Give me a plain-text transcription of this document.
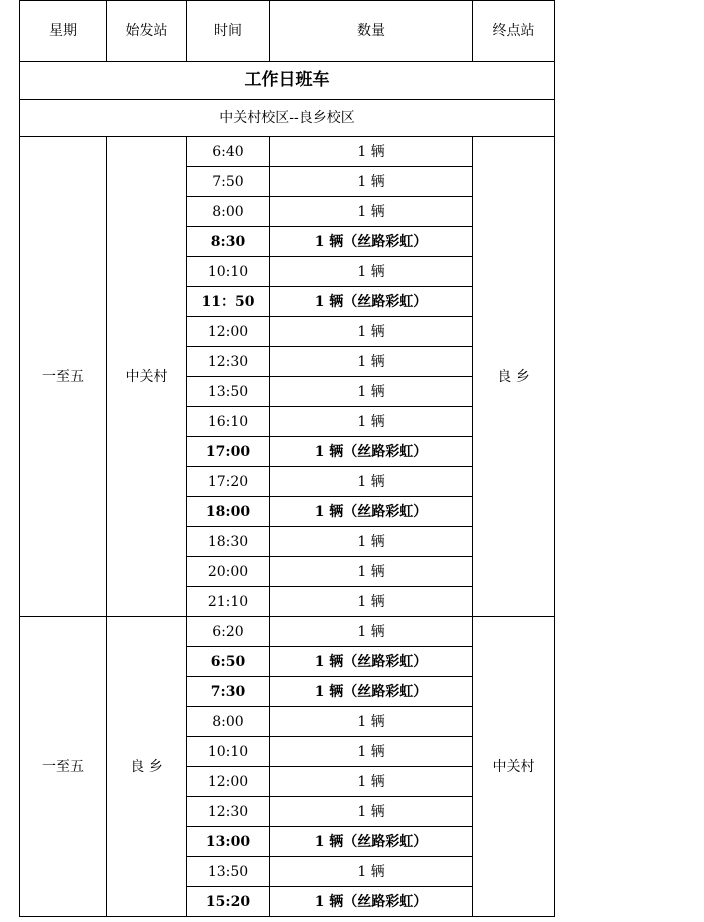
星期	始发站	时间	数量	终点站
工作日班车				
中关村校区--良乡校区				
一至五	中关村	6:40	1 辆	良 乡
		7:50	1 辆	
		8:00	1 辆	
		8:30	1 辆（丝路彩虹）	
		10:10	1 辆	
		11：50	1 辆（丝路彩虹）	
		12:00	1 辆	
		12:30	1 辆	
		13:50	1 辆	
		16:10	1 辆	
		17:00	1 辆（丝路彩虹）	
		17:20	1 辆	
		18:00	1 辆（丝路彩虹）	
		18:30	1 辆	
		20:00	1 辆	
		21:10	1 辆	
一至五	良 乡	6:20	1 辆	中关村
		6:50	1 辆（丝路彩虹）	
		7:30	1 辆（丝路彩虹）	
		8:00	1 辆	
		10:10	1 辆	
		12:00	1 辆	
		12:30	1 辆	
		13:00	1 辆（丝路彩虹）	
		13:50	1 辆	
		15:20	1 辆（丝路彩虹）	
